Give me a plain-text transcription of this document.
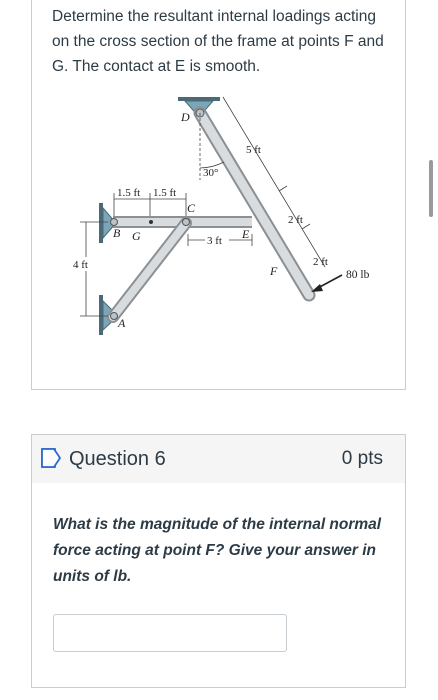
Determine the resultant internal loadings acting on the cross section of the frame at points F and G. The contact at E is smooth.

30°
5 ft
2 ft
2 ft
1.5 ft 1.5 ft
3 ft
4 ft
80 lb
D
C
E
F
B G
A
Question 6	0 pts

What is the magnitude of the internal normal force acting at point F? Give your answer in units of lb.
